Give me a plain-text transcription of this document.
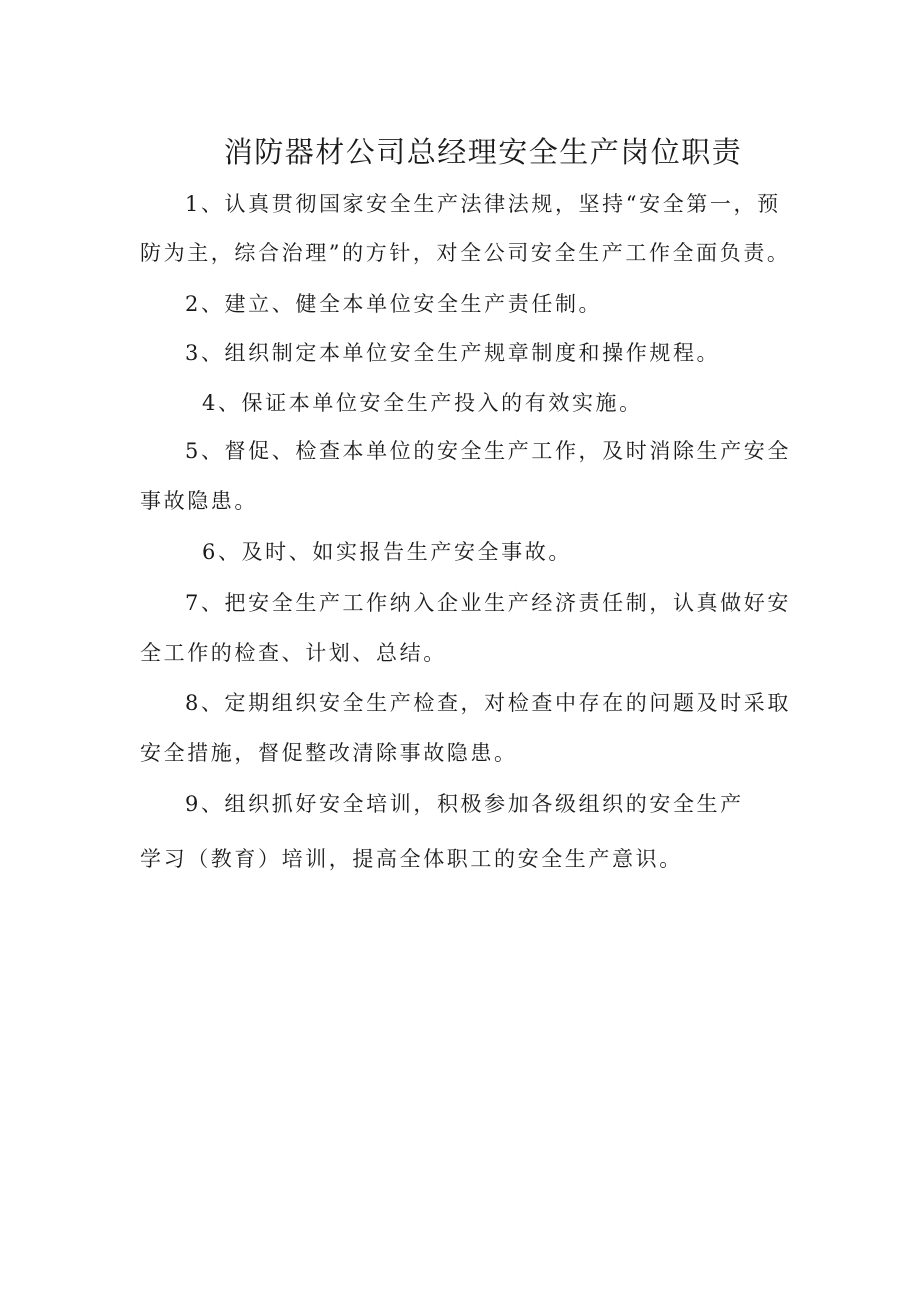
消防器材公司总经理安全生产岗位职责
1、认真贯彻国家安全生产法律法规，坚持“安全第一，预
防为主，综合治理”的方针，对全公司安全生产工作全面负责。
2、建立、健全本单位安全生产责任制。
3、组织制定本单位安全生产规章制度和操作规程。
4、保证本单位安全生产投入的有效实施。
5、督促、检查本单位的安全生产工作，及时消除生产安全
事故隐患。
6、及时、如实报告生产安全事故。
7、把安全生产工作纳入企业生产经济责任制，认真做好安
全工作的检查、计划、总结。
8、定期组织安全生产检查，对检查中存在的问题及时采取
安全措施，督促整改清除事故隐患。
9、组织抓好安全培训，积极参加各级组织的安全生产
学习（教育）培训，提高全体职工的安全生产意识。
